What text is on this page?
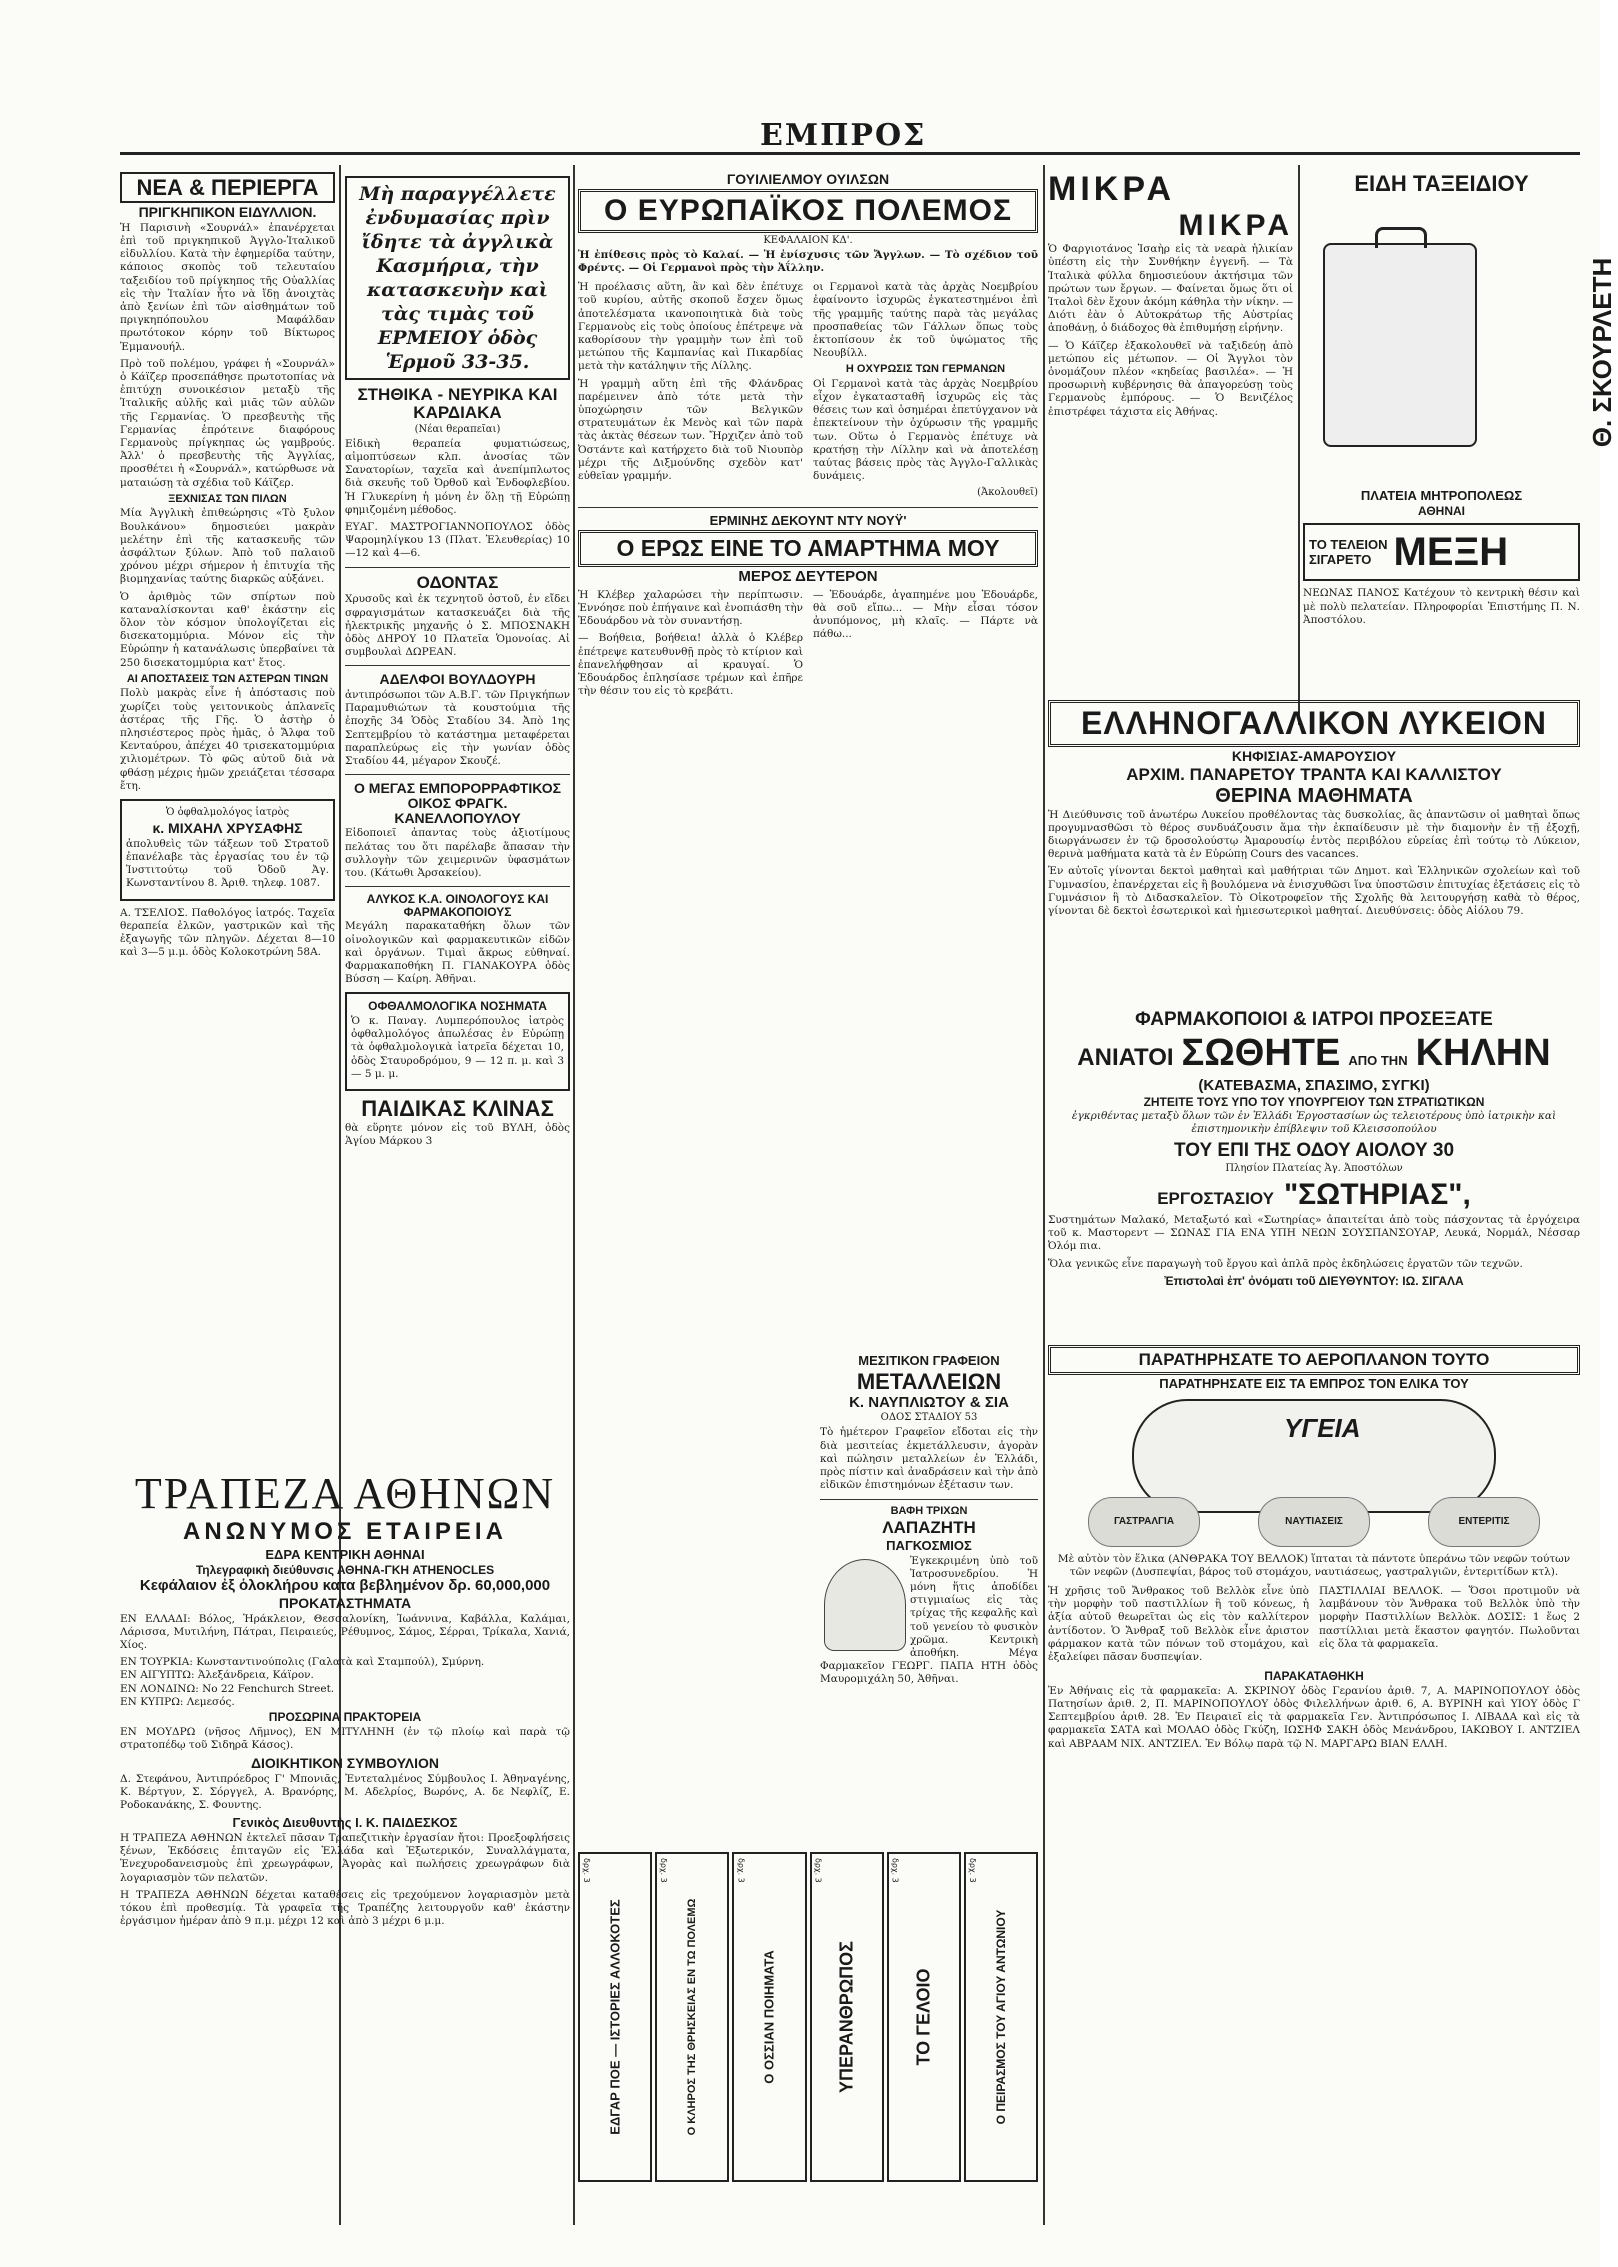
ΕΜΠΡΟΣ
ΝΕΑ & ΠΕΡΙΕΡΓΑ
ΠΡΙΓΚΗΠΙΚΟΝ ΕΙΔΥΛΛΙΟΝ.

Ἡ Παρισινὴ «Σουρνάλ» ἐπανέρχεται ἐπὶ τοῦ πριγκηπικοῦ Ἀγγλο-Ἰταλικοῦ εἰδυλλίου. Κατὰ τὴν ἐφημερίδα ταύτην, κάποιος σκοπὸς τοῦ τελευταίου ταξειδίου τοῦ πρίγκηπος τῆς Οὐαλλίας εἰς τὴν Ἰταλίαν ἦτο νὰ ἴδῃ ἀνοιχτὰς ἀπὸ ξενίων ἐπὶ τῶν αἰσθημάτων τοῦ πριγκηπόπουλου Μαφάλδαν πρωτότοκον κόρην τοῦ Βίκτωρος Ἐμμανουήλ.

Πρὸ τοῦ πολέμου, γράφει ἡ «Σουρνάλ» ὁ Κάϊζερ προσεπάθησε πρωτοτοπίας νὰ ἐπιτύχῃ συνοικέσιον μεταξὺ τῆς Ἰταλικῆς αὐλῆς καὶ μιᾶς τῶν αὐλῶν τῆς Γερμανίας. Ὁ πρεσβευτὴς τῆς Γερμανίας ἐπρότεινε διαφόρους Γερμανοὺς πρίγκηπας ὡς γαμβρούς. Ἀλλ' ὁ πρεσβευτὴς τῆς Ἀγγλίας, προσθέτει ἡ «Σουρνάλ», κατώρθωσε νὰ ματαιώσῃ τὰ σχέδια τοῦ Κάϊζερ.

ΞΕΧΝΙΣΑΣ ΤΩΝ ΠΙΛΩΝ

Μία Ἀγγλικὴ ἐπιθεώρησις «Τὸ ξυλον Βουλκάνου» δημοσιεύει μακρὰν μελέτην ἐπὶ τῆς κατασκευῆς τῶν ἀσφάλτων ξύλων. Ἀπὸ τοῦ παλαιοῦ χρόνου μέχρι σήμερον ἡ ἐπιτυχία τῆς βιομηχανίας ταύτης διαρκῶς αὐξάνει.

Ὁ ἀριθμὸς τῶν σπίρτων ποὺ καταναλίσκονται καθ' ἑκάστην εἰς ὅλον τὸν κόσμον ὑπολογίζεται εἰς δισεκατομμύρια. Μόνον εἰς τὴν Εὐρώπην ἡ κατανάλωσις ὑπερβαίνει τὰ 250 δισεκατομμύρια κατ' ἔτος.

ΑΙ ΑΠΟΣΤΑΣΕΙΣ ΤΩΝ ΑΣΤΕΡΩΝ ΤΙΝΩΝ

Πολὺ μακρὰς εἶνε ἡ ἀπόστασις ποὺ χωρίζει τοὺς γειτονικοὺς ἀπλανεῖς ἀστέρας τῆς Γῆς. Ὁ ἀστὴρ ὁ πλησιέστερος πρὸς ἡμᾶς, ὁ Ἄλφα τοῦ Κενταύρου, ἀπέχει 40 τρισεκατομμύρια χιλιομέτρων. Τὸ φῶς αὐτοῦ διὰ νὰ φθάσῃ μέχρις ἡμῶν χρειάζεται τέσσαρα ἔτη.

Ὁ ὀφθαλμολόγος ἰατρὸς
κ. ΜΙΧΑΗΛ ΧΡΥΣΑΦΗΣ

ἀπολυθεὶς τῶν τάξεων τοῦ Στρατοῦ ἐπανέλαβε τὰς ἐργασίας του ἐν τῷ Ἰνστιτούτῳ τοῦ Ὀδοῦ Ἀγ. Κωνσταντίνου 8. Ἀριθ. τηλεφ. 1087.

Α. ΤΣΕΛΙΟΣ. Παθολόγος ἰατρός. Ταχεῖα θεραπεία ἑλκῶν, γαστρικῶν καὶ τῆς ἐξαγωγῆς τῶν πληγῶν. Δέχεται 8—10 καὶ 3—5 μ.μ. ὁδὸς Κολοκοτρώνη 58Α.

Μὴ παραγγέλλετε ἐνδυμασίας πρὶν ἴδητε τὰ ἀγγλικὰ Κασμήρια, τὴν κατασκευὴν καὶ τὰς τιμὰς τοῦ ΕΡΜΕΙΟΥ ὁδὸς Ἑρμοῦ 33-35.
ΣΤΗΘΙΚΑ - ΝΕΥΡΙΚΑ ΚΑΙ ΚΑΡΔΙΑΚΑ
(Νέαι θεραπεῖαι)

Εἰδικὴ θεραπεία φυματιώσεως, αἱμοπτύσεων κλπ. ἀνοσίας τῶν Σανατορίων, ταχεῖα καὶ ἀνεπίμπλωτος διὰ σκευῆς τοῦ Ὀρθοῦ καὶ Ἐνδοφλεβίου. Ἡ Γλυκερίνη ἡ μόνη ἐν ὅλῃ τῇ Εὐρώπῃ φημιζομένη μέθοδος.

ΕΥΑΓ. ΜΑΣΤΡΟΓΙΑΝΝΟΠΟΥΛΟΣ ὁδὸς Ψαρομηλίγκου 13 (Πλατ. Ἐλευθερίας) 10—12 καὶ 4—6.

ΟΔΟΝΤΑΣ

Χρυσοῦς καὶ ἐκ τεχνητοῦ ὀστοῦ, ἐν εἴδει σφραγισμάτων κατασκευάζει διὰ τῆς ἠλεκτρικῆς μηχανῆς ὁ Σ. ΜΠΟΣΝΑΚΗ ὁδὸς ΔΗΡΟΥ 10 Πλατεῖα Ὁμονοίας. Αἱ συμβουλαὶ ΔΩΡΕΑΝ.

ΑΔΕΛΦΟΙ ΒΟΥΛΔΟΥΡΗ

ἀντιπρόσωποι τῶν Α.Β.Γ. τῶν Πριγκήπων Παραμυθιώτων τὰ κουστούμια τῆς ἐποχῆς 34 Ὁδὸς Σταδίου 34. Ἀπὸ 1ης Σεπτεμβρίου τὸ κατάστημα μεταφέρεται παραπλεύρως εἰς τὴν γωνίαν ὁδὸς Σταδίου 44, μέγαρον Σκουζέ.

Ο ΜΕΓΑΣ ΕΜΠΟΡΟΡΡΑΦΤΙΚΟΣ ΟΙΚΟΣ ΦΡΑΓΚ. ΚΑΝΕΛΛΟΠΟΥΛΟΥ

Εἰδοποιεῖ ἀπαντας τοὺς ἀξιοτίμους πελάτας του ὅτι παρέλαβε ἅπασαν τὴν συλλογὴν τῶν χειμερινῶν ὑφασμάτων του. (Κάτωθι Ἀρσακείου).

ΑΛΥΚΟΣ Κ.Α. ΟΙΝΟΛΟΓΟΥΣ ΚΑΙ ΦΑΡΜΑΚΟΠΟΙΟΥΣ

Μεγάλη παρακαταθήκη ὅλων τῶν οἰνολογικῶν καὶ φαρμακευτικῶν εἰδῶν καὶ ὀργάνων. Τιμαὶ ἄκρως εὐθηναί. Φαρμακαποθήκη Π. ΓΙΑΝΑΚΟΥΡΑ ὁδὸς Βύσση — Καίρη. Ἀθῆναι.

ΟΦΘΑΛΜΟΛΟΓΙΚΑ ΝΟΣΗΜΑΤΑ

Ὁ κ. Παναγ. Λυμπερόπουλος ἰατρὸς ὀφθαλμολόγος ἀπωλέσας ἐν Εὐρώπῃ τὰ ὀφθαλμολογικὰ ἰατρεῖα δέχεται 10, ὁδὸς Σταυροδρόμου, 9 — 12 π. μ. καὶ 3 — 5 μ. μ.

ΠΑΙΔΙΚΑΣ ΚΛΙΝΑΣ

θὰ εὕρητε μόνον εἰς τοῦ ΒΥΛΗ, ὁδὸς Ἁγίου Μάρκου 3

ΓΟΥΙΛΙΕΛΜΟΥ ΟΥΙΛΣΩΝ
Ο ΕΥΡΩΠΑΪΚΟΣ ΠΟΛΕΜΟΣ
ΚΕΦΑΛΑΙΟΝ ΚΔ'.
Ἡ ἐπίθεσις πρὸς τὸ Καλαί. — Ἡ ἐνίσχυσις τῶν Ἄγγλων. — Τὸ σχέδιον τοῦ Φρέντς. — Οἱ Γερμανοὶ πρὸς τὴν Ἀΐλλην.

Ἡ προέλασις αὕτη, ἂν καὶ δὲν ἐπέτυχε τοῦ κυρίου, αὐτῆς σκοποῦ ἔσχεν ὅμως ἀποτελέσματα ικανοποιητικὰ διὰ τοὺς Γερμανοὺς εἰς τοὺς ὁποίους ἐπέτρεψε νὰ καθορίσουν τὴν γραμμὴν των ἐπὶ τοῦ μετώπου τῆς Καμπανίας καὶ Πικαρδίας μετὰ τὴν κατάληψιν τῆς Λίλλης.

Ἡ γραμμὴ αὕτη ἐπὶ τῆς Φλάνδρας παρέμεινεν ἀπὸ τότε μετὰ τὴν ὑποχώρησιν τῶν Βελγικῶν στρατευμάτων ἐκ Μενὸς καὶ τῶν παρὰ τὰς ἀκτὰς θέσεων των. Ἤρχιζεν ἀπὸ τοῦ Ὀστάντε καὶ κατήρχετο διὰ τοῦ Νιουπὸρ μέχρι τῆς Διξμούνδης σχεδὸν κατ' εὐθεῖαν γραμμήν.

οι Γερμανοὶ κατὰ τὰς ἀρχὰς Νοεμβρίου ἐφαίνοντο ἰσχυρῶς ἐγκατεστημένοι ἐπὶ τῆς γραμμῆς ταύτης παρὰ τὰς μεγάλας προσπαθείας τῶν Γάλλων ὅπως τοὺς ἐκτοπίσουν ἐκ τοῦ ὑψώματος τῆς Νεουβίλλ.

Η ΟΧΥΡΩΣΙΣ ΤΩΝ ΓΕΡΜΑΝΩΝ

Οἱ Γερμανοὶ κατὰ τὰς ἀρχὰς Νοεμβρίου εἶχον ἐγκατασταθῆ ἰσχυρῶς εἰς τὰς θέσεις των καὶ ὁσημέραι ἐπετύγχανον νὰ ἐπεκτείνουν τὴν ὀχύρωσιν τῆς γραμμῆς των. Οὕτω ὁ Γερμανὸς ἐπέτυχε νὰ κρατήσῃ τὴν Λίλλην καὶ νὰ ἀποτελέσῃ ταύτας βάσεις πρὸς τὰς Ἀγγλο-Γαλλικὰς δυνάμεις.

(Ἀκολουθεῖ)
ΕΡΜΙΝΗΣ ΔΕΚΟΥΝΤ ΝΤΥ ΝΟΥΫ'
Ο ΕΡΩΣ ΕΙΝΕ ΤΟ ΑΜΑΡΤΗΜΑ ΜΟΥ
ΜΕΡΟΣ ΔΕΥΤΕΡΟΝ

Ἡ Κλέβερ χαλαρώσει τὴν περίπτωσιν. Ἐννόησε ποὺ ἐπήγαινε καὶ ἐνοπιάσθη τὴν Ἐδουάρδου νὰ τὸν συναντήσῃ.

— Βοήθεια, βοήθεια! ἀλλὰ ὁ Κλέβερ ἐπέτρεψε κατευθυνθῇ πρὸς τὸ κτίριον καὶ ἐπανελήφθησαν αἱ κραυγαί. Ὁ Ἐδουάρδος ἐπλησίασε τρέμων καὶ ἐπῆρε τὴν θέσιν του εἰς τὸ κρεβάτι.

— Ἐδουάρδε, ἀγαπημένε μου Ἐδουάρδε, θὰ σοῦ εἴπω... — Μὴν εἶσαι τόσον ἀνυπόμονος, μὴ κλαῖς. — Πάρτε νὰ πάθω...

ΜΕΣΙΤΙΚΟΝ ΓΡΑΦΕΙΟΝ
ΜΕΤΑΛΛΕΙΩΝ
Κ. ΝΑΥΠΛΙΩΤΟΥ & ΣΙΑ
ΟΔΟΣ ΣΤΑΔΙΟΥ 53

Τὸ ἡμέτερον Γραφεῖον εἴδοται εἰς τὴν διὰ μεσιτείας ἐκμετάλλευσιν, ἀγορὰν καὶ πώλησιν μεταλλείων ἐν Ἑλλάδι, πρὸς πίστιν καὶ ἀναδράσειν καὶ τὴν ἀπὸ εἰδικῶν ἐπιστημόνων ἐξέτασιν των.

ΒΑΦΗ ΤΡΙΧΩΝ
ΛΑΠΑΖΗΤΗ
ΠΑΓΚΟΣΜΙΟΣ

Ἐγκεκριμένη ὑπὸ τοῦ Ἰατροσυνεδρίου. Ἡ μόνη ἥτις ἀποδίδει στιγμιαίως εἰς τὰς τρίχας τῆς κεφαλῆς καὶ τοῦ γενείου τὸ φυσικὸν χρῶμα. Κεντρικὴ ἀποθήκη. Μέγα Φαρμακεῖον ΓΕΩΡΓ. ΠΑΠΑ ΗΤΗ ὁδὸς Μαυρομιχάλη 50, Ἀθῆναι.

δρχ. 3
ΕΔΓΑΡ ΠΟΕ — ΙΣΤΟΡΙΕΣ ΑΛΛΟΚΟΤΕΣ
δρχ. 3
Ο ΚΛΗΡΟΣ ΤΗΣ ΘΡΗΣΚΕΙΑΣ ΕΝ ΤΩ ΠΟΛΕΜΩ
δρχ. 3
Ο ΟΣΣΙΑΝ ΠΟΙΗΜΑΤΑ
δρχ. 3
ΥΠΕΡΑΝΘΡΩΠΟΣ
δρχ. 3
ΤΟ ΓΕΛΟΙΟ
δρχ. 3
Ο ΠΕΙΡΑΣΜΟΣ ΤΟΥ ΑΓΙΟΥ ΑΝΤΩΝΙΟΥ
ΜΙΚΡΑ
ΜΙΚΡΑ

Ὁ Φαργιοτάνος Ἰσαὴρ εἰς τὰ νεαρὰ ἡλικίαν ὑπέστη εἰς τὴν Συνθήκην ἐγγενῆ. — Τὰ Ἰταλικὰ φύλλα δημοσιεύουν ἀκτήσιμα τῶν πρώτων των ἔργων. — Φαίνεται ὅμως ὅτι οἱ Ἰταλοὶ δὲν ἔχουν ἀκόμη κάθηλα τὴν νίκην. — Διότι ἐὰν ὁ Αὐτοκράτωρ τῆς Αὐστρίας ἀποθάνῃ, ὁ διάδοχος θὰ ἐπιθυμήσῃ εἰρήνην.

— Ὁ Κάϊζερ ἐξακολουθεῖ νὰ ταξιδεύῃ ἀπὸ μετώπου εἰς μέτωπον. — Οἱ Ἄγγλοι τὸν ὀνομάζουν πλέον «κηδείας βασιλέα». — Ἡ προσωρινὴ κυβέρνησις θὰ ἀπαγορεύσῃ τοὺς Γερμανοὺς ἐμπόρους. — Ὁ Βενιζέλος ἐπιστρέφει τάχιστα εἰς Ἀθήνας.

ΕΙΔΗ ΤΑΞΕΙΔΙΟΥ
Θ. ΣΚΟΥΡΛΕΤΗ
ΠΛΑΤΕΙΑ ΜΗΤΡΟΠΟΛΕΩΣ
ΑΘΗΝΑΙ
ΤΟ ΤΕΛΕΙΟΝ
ΣΙΓΑΡΕΤΟ ΜΕΞΗ

ΝΕΩΝΑΣ ΠΑΝΟΣ Κατέχουν τὸ κεντρικὴ θέσιν καὶ μὲ πολὺ πελατείαν. Πληροφορίαι Ἐπιστήμης Π. Ν. Ἀποστόλου.

ΕΛΛΗΝΟΓΑΛΛΙΚΟΝ ΛΥΚΕΙΟΝ
ΚΗΦΙΣΙΑΣ-ΑΜΑΡΟΥΣΙΟΥ
ΑΡΧΙΜ. ΠΑΝΑΡΕΤΟΥ ΤΡΑΝΤΑ ΚΑΙ ΚΑΛΛΙΣΤΟΥ
ΘΕΡΙΝΑ ΜΑΘΗΜΑΤΑ

Ἡ Διεύθυνσις τοῦ ἀνωτέρω Λυκείου προθέλοντας τὰς δυσκολίας, ἃς ἀπαντῶσιν οἱ μαθηταὶ ὅπως προγυμνασθῶσι τὸ θέρος συνδυάζουσιν ἅμα τὴν ἐκπαίδευσιν μὲ τὴν διαμονὴν ἐν τῇ ἐξοχῇ, διωργάνωσεν ἐν τῷ δροσολούστῳ Ἀμαρουσίῳ ἐντὸς περιβόλου εὐρείας ἐπὶ τούτῳ τὸ Λύκειον, θερινὰ μαθήματα κατὰ τὰ ἐν Εὐρώπῃ Cours des vacances.

Ἐν αὐτοῖς γίνονται δεκτοὶ μαθηταὶ καὶ μαθήτριαι τῶν Δημοτ. καὶ Ἑλληνικῶν σχολείων καὶ τοῦ Γυμνασίου, ἐπανέρχεται εἰς ἢ βουλόμενα νὰ ἐνισχυθῶσι ἵνα ὑποστῶσιν ἐπιτυχίας ἐξετάσεις εἰς τὸ Γυμνάσιον ἢ τὸ Διδασκαλεῖον. Τὸ Οἰκοτροφεῖον τῆς Σχολῆς θὰ λειτουργήσῃ καθὰ τὸ θέρος, γίνονται δὲ δεκτοὶ ἐσωτερικοὶ καὶ ἡμιεσωτερικοὶ μαθηταί. Διευθύνσεις: ὁδὸς Αἰόλου 79.

ΦΑΡΜΑΚΟΠΟΙΟΙ & ΙΑΤΡΟΙ ΠΡΟΣΕΞΑΤΕ
ΑΝΙΑΤΟΙ ΣΩΘΗΤΕ ΑΠΟ ΤΗΝ ΚΗΛΗΝ
(ΚΑΤΕΒΑΣΜΑ, ΣΠΑΣΙΜΟ, ΣΥΓΚΙ)
ΖΗΤΕΙΤΕ ΤΟΥΣ ΥΠΟ ΤΟΥ ΥΠΟΥΡΓΕΙΟΥ ΤΩΝ ΣΤΡΑΤΙΩΤΙΚΩΝ

ἐγκριθέντας μεταξὺ ὅλων τῶν ἐν Ἑλλάδι Ἐργοστασίων ὡς τελειοτέρους ὑπὸ ἰατρικὴν καὶ ἐπιστημονικὴν ἐπίβλεψιν τοῦ Κλεισσοπούλου

ΤΟΥ ΕΠΙ ΤΗΣ ΟΔΟΥ ΑΙΟΛΟΥ 30
Πλησίον Πλατείας Ἀγ. Ἀποστόλων
ΕΡΓΟΣΤΑΣΙΟΥ "ΣΩΤΗΡΙΑΣ",

Συστημάτων Μαλακό, Μεταξωτό καὶ «Σωτηρίας» ἀπαιτείται ἀπὸ τοὺς πάσχοντας τὰ ἐργόχειρα τοῦ κ. Μαστορεντ — ΣΩΝΑΣ ΓΙΑ ΕΝΑ ΥΠΗ ΝΕΩΝ ΣΟΥΣΠΑΝΣΟΥΑΡ, Λευκά, Νορμάλ, Νέσσαρ Ὀλόμ πια.

Ὅλα γενικῶς εἶνε παραγωγὴ τοῦ ἔργου καὶ ἁπλᾶ πρὸς ἐκδηλώσεις ἐργατῶν τῶν τεχνῶν.

Ἐπιστολαὶ ἐπ' ὀνόματι τοῦ ΔΙΕΥΘΥΝΤΟΥ: ΙΩ. ΣΙΓΑΛΑ
ΠΑΡΑΤΗΡΗΣΑΤΕ ΤΟ ΑΕΡΟΠΛΑΝΟΝ ΤΟΥΤΟ
ΠΑΡΑΤΗΡΗΣΑΤΕ ΕΙΣ ΤΑ ΕΜΠΡΟΣ ΤΟΝ ΕΛΙΚΑ ΤΟΥ
ΥΓΕΙΑ
ΓΑΣΤΡΑΛΓΙΑ	ΝΑΥΤΙΑΣΕΙΣ	ΕΝΤΕΡΙΤΙΣ

Μὲ αὐτὸν τὸν ἕλικα (ΑΝΘΡΑΚΑ ΤΟΥ ΒΕΛΛΟΚ) ἵπταται τὰ πάντοτε ὑπεράνω τῶν νεφῶν τούτων τῶν νεφῶν (Δυσπεψίαι, βάρος τοῦ στομάχου, ναυτιάσεως, γαστραλγιῶν, ἐντεριτίδων κτλ).

Ἡ χρῆσις τοῦ Ἄνθρακος τοῦ Βελλὸκ εἶνε ὑπὸ τὴν μορφὴν τοῦ παστιλλίων ἢ τοῦ κόνεως, ἡ ἀξία αὐτοῦ θεωρεῖται ὡς εἰς τὸν καλλίτερον ἀντίδοτον. Ὁ Ἄνθραξ τοῦ Βελλὸκ εἶνε ἀριστον φάρμακον κατὰ τῶν πόνων τοῦ στομάχου, καὶ ἐξαλείφει πᾶσαν δυσπεψίαν.

ΠΑΣΤΙΛΛΙΑΙ ΒΕΛΛΟΚ. — Ὅσοι προτιμοῦν νὰ λαμβάνουν τὸν Ἄνθρακα τοῦ Βελλὸκ ὑπὸ τὴν μορφὴν Παστιλλίων Βελλὸκ. ΔΟΣΙΣ: 1 ἕως 2 παστίλλιαι μετὰ ἕκαστον φαγητόν. Πωλοῦνται εἰς ὅλα τὰ φαρμακεῖα.

ΠΑΡΑΚΑΤΑΘΗΚΗ

Ἐν Ἀθήναις εἰς τὰ φαρμακεῖα: Α. ΣΚΡΙΝΟΥ ὁδὸς Γερανίου ἀριθ. 7, Α. ΜΑΡΙΝΟΠΟΥΛΟΥ ὁδὸς Πατησίων ἀριθ. 2, Π. ΜΑΡΙΝΟΠΟΥΛΟΥ ὁδὸς Φιλελλήνων ἀριθ. 6, Α. ΒΥΡΙΝΗ καὶ ΥΙΟΥ ὁδὸς Γ Σεπτεμβρίου ἀριθ. 28. Ἐν Πειραιεῖ εἰς τὰ φαρμακεῖα Γεν. Ἀντιπρόσωπος Ι. ΛΙΒΑΔΑ καὶ εἰς τὰ φαρμακεῖα ΣΑΤΑ καὶ ΜΟΛΑΟ ὁδὸς Γκύζη, ΙΩΣΗΦ ΣΑΚΗ ὁδὸς Μενάνδρου, ΙΑΚΩΒΟΥ Ι. ΑΝΤΖΙΕΛ καὶ ΑΒΡΑΑΜ ΝΙΧ. ΑΝΤΖΙΕΛ. Ἐν Βόλῳ παρὰ τῷ Ν. ΜΑΡΓΑΡΩ ΒΙΑΝ ΕΛΛΗ.

ΤΡΑΠΕΖΑ ΑΘΗΝΩΝ
ΑΝΩΝΥΜΟΣ ΕΤΑΙΡΕΙΑ
ΕΔΡΑ ΚΕΝΤΡΙΚΗ ΑΘΗΝΑΙ
Τηλεγραφικὴ διεύθυνσις ΑΘΗΝΑ-ΓΚΗ ATHENOCLES
Κεφάλαιον ἐξ ὁλοκλήρου κατα βεβλημένον δρ. 60,000,000
ΠΡΟΚΑΤΑΣΤΗΜΑΤΑ

ΕΝ ΕΛΛΑΔΙ: Βόλος, Ἡράκλειον, Θεσσαλονίκη, Ἰωάννινα, Καβάλλα, Καλάμαι, Λάρισσα, Μυτιλήνη, Πάτραι, Πειραιεύς, Ρέθυμνος, Σάμος, Σέρραι, Τρίκαλα, Χανιά, Χίος.

ΕΝ ΤΟΥΡΚΙΑ: Κωνσταντινούπολις (Γαλατὰ καὶ Σταμπούλ), Σμύρνη.

ΕΝ ΑΙΓΥΠΤΩ: Ἀλεξάνδρεια, Κάϊρον.

ΕΝ ΛΟΝΔΙΝΩ: No 22 Fenchurch Street.

ΕΝ ΚΥΠΡΩ: Λεμεσός.

ΠΡΟΣΩΡΙΝΑ ΠΡΑΚΤΟΡΕΙΑ

ΕΝ ΜΟΥΔΡΩ (νῆσος Λῆμνος), ΕΝ ΜΙΤΥΛΗΝΗ (ἐν τῷ πλοίῳ καὶ παρὰ τῷ στρατοπέδῳ τοῦ Σιδηρᾶ Κάσος).

ΔΙΟΙΚΗΤΙΚΟΝ ΣΥΜΒΟΥΛΙΟΝ

Δ. Στεφάνου, Ἀντιπρόεδρος Γ' Μπονιᾶς, Ἐντεταλμένος Σύμβουλος Ι. Ἀθηναγένης, Κ. Βέρτγυν, Σ. Σόργγελ, Α. Βρανόρης, Μ. Αδελρίος, Βωρόνς, Α. δε Νεφλίζ, Ε. Ροδοκανάκης, Σ. Φουντης.

Γενικὸς Διευθυντὴς Ι. Κ. ΠΑΙΔΕΣΚΟΣ

Η ΤΡΑΠΕΖΑ ΑΘΗΝΩΝ ἐκτελεῖ πᾶσαν Τραπεζιτικὴν ἐργασίαν ἤτοι: Προεξοφλήσεις ξένων, Ἐκδόσεις ἐπιταγῶν εἰς Ἑλλάδα καὶ Ἐξωτερικόν, Συναλλάγματα, Ἐνεχυροδανεισμοὺς ἐπὶ χρεωγράφων, Ἀγορὰς καὶ πωλήσεις χρεωγράφων διὰ λογαριασμὸν τῶν πελατῶν.

Η ΤΡΑΠΕΖΑ ΑΘΗΝΩΝ δέχεται καταθέσεις εἰς τρεχούμενον λογαριασμὸν μετὰ τόκου ἐπὶ προθεσμίᾳ. Τὰ γραφεῖα τῆς Τραπέζης λειτουργοῦν καθ' ἑκάστην ἐργάσιμον ἡμέραν ἀπὸ 9 π.μ. μέχρι 12 καὶ ἀπὸ 3 μέχρι 6 μ.μ.
